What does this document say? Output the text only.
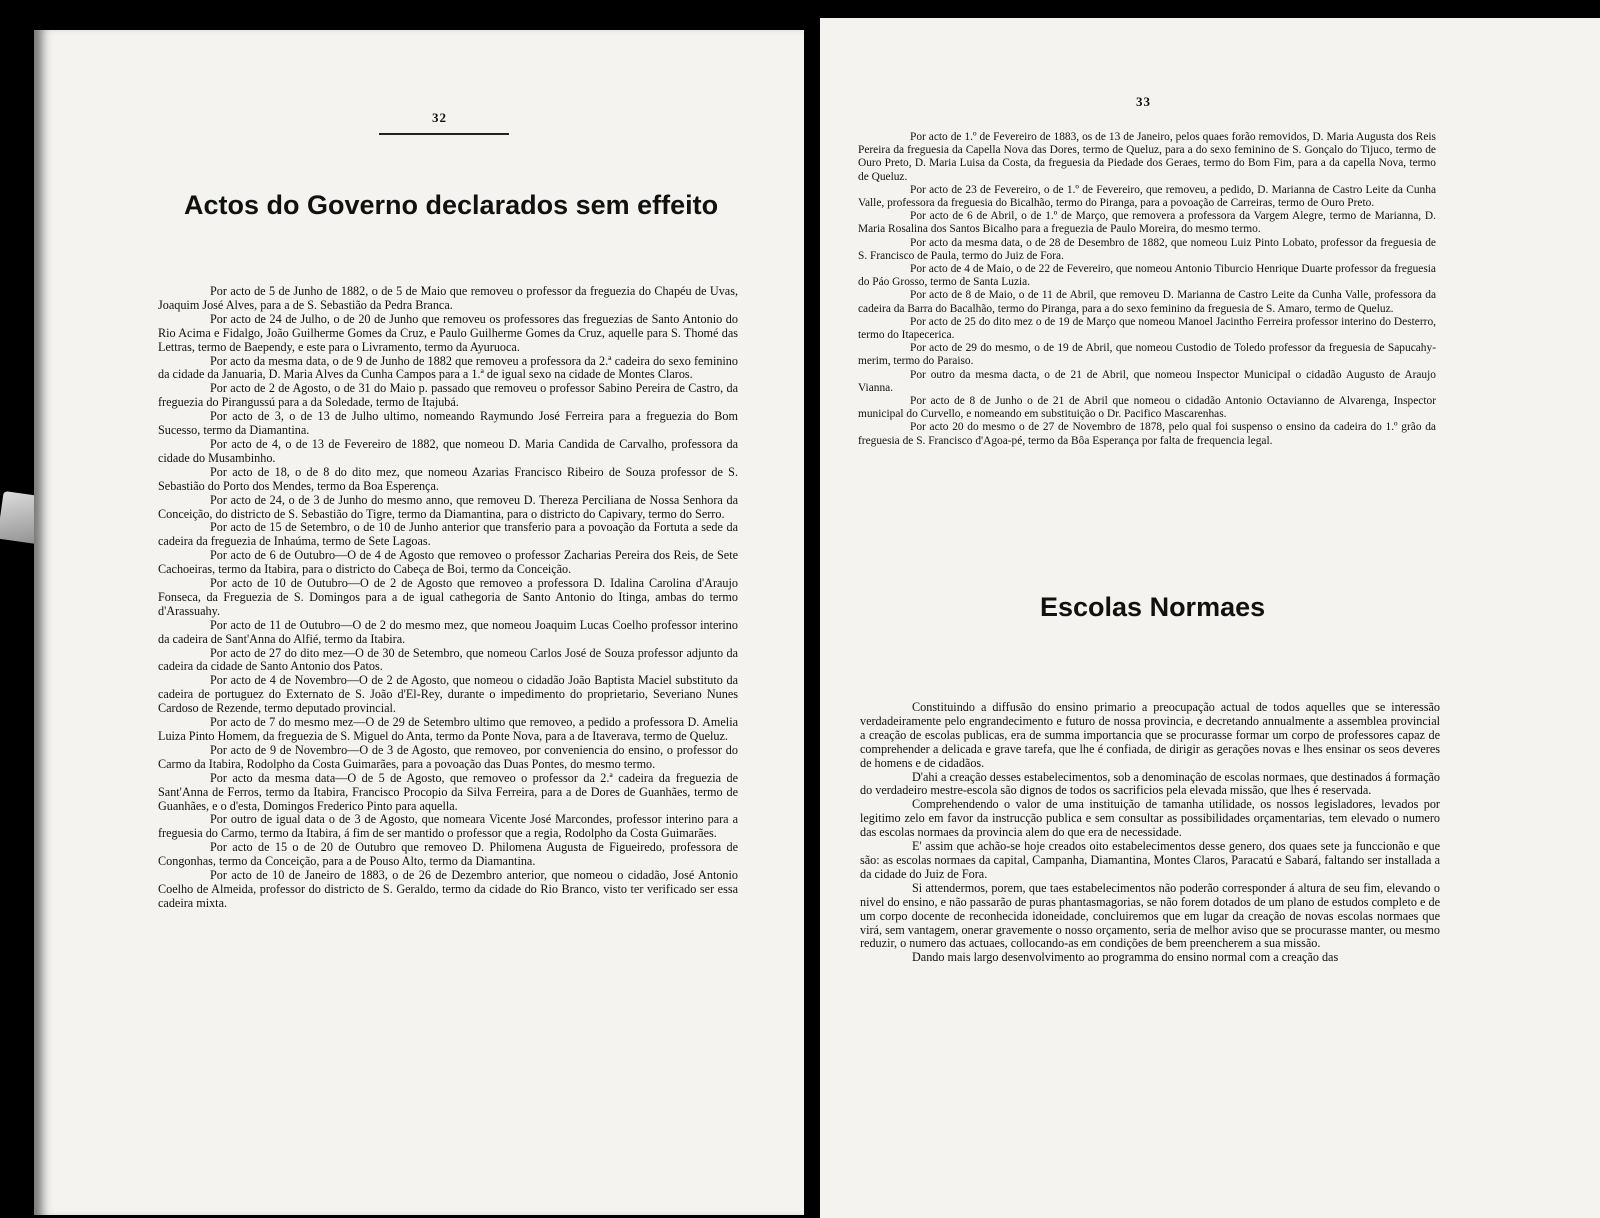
32
Actos do Governo declarados sem effeito

Por acto de 5 de Junho de 1882, o de 5 de Maio que removeu o professor da freguezia do Chapéu de Uvas, Joaquim José Alves, para a de S. Sebastião da Pedra Branca.

Por acto de 24 de Julho, o de 20 de Junho que removeu os professores das freguezias de Santo Antonio do Rio Acima e Fidalgo, João Guilherme Gomes da Cruz, e Paulo Guilherme Gomes da Cruz, aquelle para S. Thomé das Lettras, termo de Baependy, e este para o Livramento, termo da Ayuruoca.

Por acto da mesma data, o de 9 de Junho de 1882 que removeu a professora da 2.ª cadeira do sexo feminino da cidade da Januaria, D. Maria Alves da Cunha Campos para a 1.ª de igual sexo na cidade de Montes Claros.

Por acto de 2 de Agosto, o de 31 do Maio p. passado que removeu o professor Sabino Pereira de Castro, da freguezia do Pirangussú para a da Soledade, termo de Itajubá.

Por acto de 3, o de 13 de Julho ultimo, nomeando Raymundo José Ferreira para a freguezia do Bom Sucesso, termo da Diamantina.

Por acto de 4, o de 13 de Fevereiro de 1882, que nomeou D. Maria Candida de Carvalho, professora da cidade do Musambinho.

Por acto de 18, o de 8 do dito mez, que nomeou Azarias Francisco Ribeiro de Souza professor de S. Sebastião do Porto dos Mendes, termo da Boa Esperença.

Por acto de 24, o de 3 de Junho do mesmo anno, que removeu D. Thereza Perciliana de Nossa Senhora da Conceição, do districto de S. Sebastião do Tigre, termo da Diamantina, para o districto do Capivary, termo do Serro.

Por acto de 15 de Setembro, o de 10 de Junho anterior que transferio para a povoação da Fortuta a sede da cadeira da freguezia de Inhaúma, termo de Sete Lagoas.

Por acto de 6 de Outubro—O de 4 de Agosto que removeo o professor Zacharias Pereira dos Reis, de Sete Cachoeiras, termo da Itabira, para o districto do Cabeça de Boi, termo da Conceição.

Por acto de 10 de Outubro—O de 2 de Agosto que removeo a professora D. Idalina Carolina d'Araujo Fonseca, da Freguezia de S. Domingos para a de igual cathegoria de Santo Antonio do Itinga, ambas do termo d'Arassuahy.

Por acto de 11 de Outubro—O de 2 do mesmo mez, que nomeou Joaquim Lucas Coelho professor interino da cadeira de Sant'Anna do Alfié, termo da Itabira.

Por acto de 27 do dito mez—O de 30 de Setembro, que nomeou Carlos José de Souza professor adjunto da cadeira da cidade de Santo Antonio dos Patos.

Por acto de 4 de Novembro—O de 2 de Agosto, que nomeou o cidadão João Baptista Maciel substituto da cadeira de portuguez do Externato de S. João d'El-Rey, durante o impedimento do proprietario, Severiano Nunes Cardoso de Rezende, termo deputado provincial.

Por acto de 7 do mesmo mez—O de 29 de Setembro ultimo que removeo, a pedido a professora D. Amelia Luiza Pinto Homem, da freguezia de S. Miguel do Anta, termo da Ponte Nova, para a de Itaverava, termo de Queluz.

Por acto de 9 de Novembro—O de 3 de Agosto, que removeo, por conveniencia do ensino, o professor do Carmo da Itabira, Rodolpho da Costa Guimarães, para a povoação das Duas Pontes, do mesmo termo.

Por acto da mesma data—O de 5 de Agosto, que removeo o professor da 2.ª cadeira da freguezia de Sant'Anna de Ferros, termo da Itabira, Francisco Procopio da Silva Ferreira, para a de Dores de Guanhães, termo de Guanhães, e o d'esta, Domingos Frederico Pinto para aquella.

Por outro de igual data o de 3 de Agosto, que nomeara Vicente José Marcondes, professor interino para a freguesia do Carmo, termo da Itabira, á fim de ser mantido o professor que a regia, Rodolpho da Costa Guimarães.

Por acto de 15 o de 20 de Outubro que removeo D. Philomena Augusta de Figueiredo, professora de Congonhas, termo da Conceição, para a de Pouso Alto, termo da Diamantina.

Por acto de 10 de Janeiro de 1883, o de 26 de Dezembro anterior, que nomeou o cidadão, José Antonio Coelho de Almeida, professor do districto de S. Geraldo, termo da cidade do Rio Branco, visto ter verificado ser essa cadeira mixta.

33

Por acto de 1.º de Fevereiro de 1883, os de 13 de Janeiro, pelos quaes forão removidos, D. Maria Augusta dos Reis Pereira da freguesia da Capella Nova das Dores, termo de Queluz, para a do sexo feminino de S. Gonçalo do Tijuco, termo de Ouro Preto, D. Maria Luisa da Costa, da freguesia da Piedade dos Geraes, termo do Bom Fim, para a da capella Nova, termo de Queluz.

Por acto de 23 de Fevereiro, o de 1.º de Fevereiro, que removeu, a pedido, D. Marianna de Castro Leite da Cunha Valle, professora da freguesia do Bicalhão, termo do Piranga, para a povoação de Carreiras, termo de Ouro Preto.

Por acto de 6 de Abril, o de 1.º de Março, que removera a professora da Vargem Alegre, termo de Marianna, D. Maria Rosalina dos Santos Bicalho para a freguezia de Paulo Moreira, do mesmo termo.

Por acto da mesma data, o de 28 de Desembro de 1882, que nomeou Luiz Pinto Lobato, professor da freguesia de S. Francisco de Paula, termo do Juiz de Fora.

Por acto de 4 de Maio, o de 22 de Fevereiro, que nomeou Antonio Tiburcio Henrique Duarte professor da freguesia do Páo Grosso, termo de Santa Luzia.

Por acto de 8 de Maio, o de 11 de Abril, que removeu D. Marianna de Castro Leite da Cunha Valle, professora da cadeira da Barra do Bacalhão, termo do Piranga, para a do sexo feminino da freguesia de S. Amaro, termo de Queluz.

Por acto de 25 do dito mez o de 19 de Março que nomeou Manoel Jacintho Ferreira professor interino do Desterro, termo do Itapecerica.

Por acto de 29 do mesmo, o de 19 de Abril, que nomeou Custodio de Toledo professor da freguesia de Sapucahy-merim, termo do Paraiso.

Por outro da mesma dacta, o de 21 de Abril, que nomeou Inspector Municipal o cidadão Augusto de Araujo Vianna.

Por acto de 8 de Junho o de 21 de Abril que nomeou o cidadão Antonio Octavianno de Alvarenga, Inspector municipal do Curvello, e nomeando em substituição o Dr. Pacifico Mascarenhas.

Por acto 20 do mesmo o de 27 de Novembro de 1878, pelo qual foi suspenso o ensino da cadeira do 1.º grão da freguesia de S. Francisco d'Agoa-pé, termo da Bôa Esperança por falta de frequencia legal.

Escolas Normaes

Constituindo a diffusão do ensino primario a preocupação actual de todos aquelles que se interessão verdadeiramente pelo engrandecimento e futuro de nossa provincia, e decretando annualmente a assemblea provincial a creação de escolas publicas, era de summa importancia que se procurasse formar um corpo de professores capaz de comprehender a delicada e grave tarefa, que lhe é confiada, de dirigir as gerações novas e lhes ensinar os seos deveres de homens e de cidadãos.

D'ahi a creação desses estabelecimentos, sob a denominação de escolas normaes, que destinados á formação do verdadeiro mestre-escola são dignos de todos os sacrificios pela elevada missão, que lhes é reservada.

Comprehendendo o valor de uma instituição de tamanha utilidade, os nossos legisladores, levados por legitimo zelo em favor da instrucção publica e sem consultar as possibilidades orçamentarias, tem elevado o numero das escolas normaes da provincia alem do que era de necessidade.

E' assim que achão-se hoje creados oito estabelecimentos desse genero, dos quaes sete ja funccionão e que são: as escolas normaes da capital, Campanha, Diamantina, Montes Claros, Paracatú e Sabará, faltando ser installada a da cidade do Juiz de Fora.

Si attendermos, porem, que taes estabelecimentos não poderão corresponder á altura de seu fim, elevando o nivel do ensino, e não passarão de puras phantasmagorias, se não forem dotados de um plano de estudos completo e de um corpo docente de reconhecida idoneidade, concluiremos que em lugar da creação de novas escolas normaes que virá, sem vantagem, onerar gravemente o nosso orçamento, seria de melhor aviso que se procurasse manter, ou mesmo reduzir, o numero das actuaes, collocando-as em condições de bem preencherem a sua missão.

Dando mais largo desenvolvimento ao programma do ensino normal com a creação das
